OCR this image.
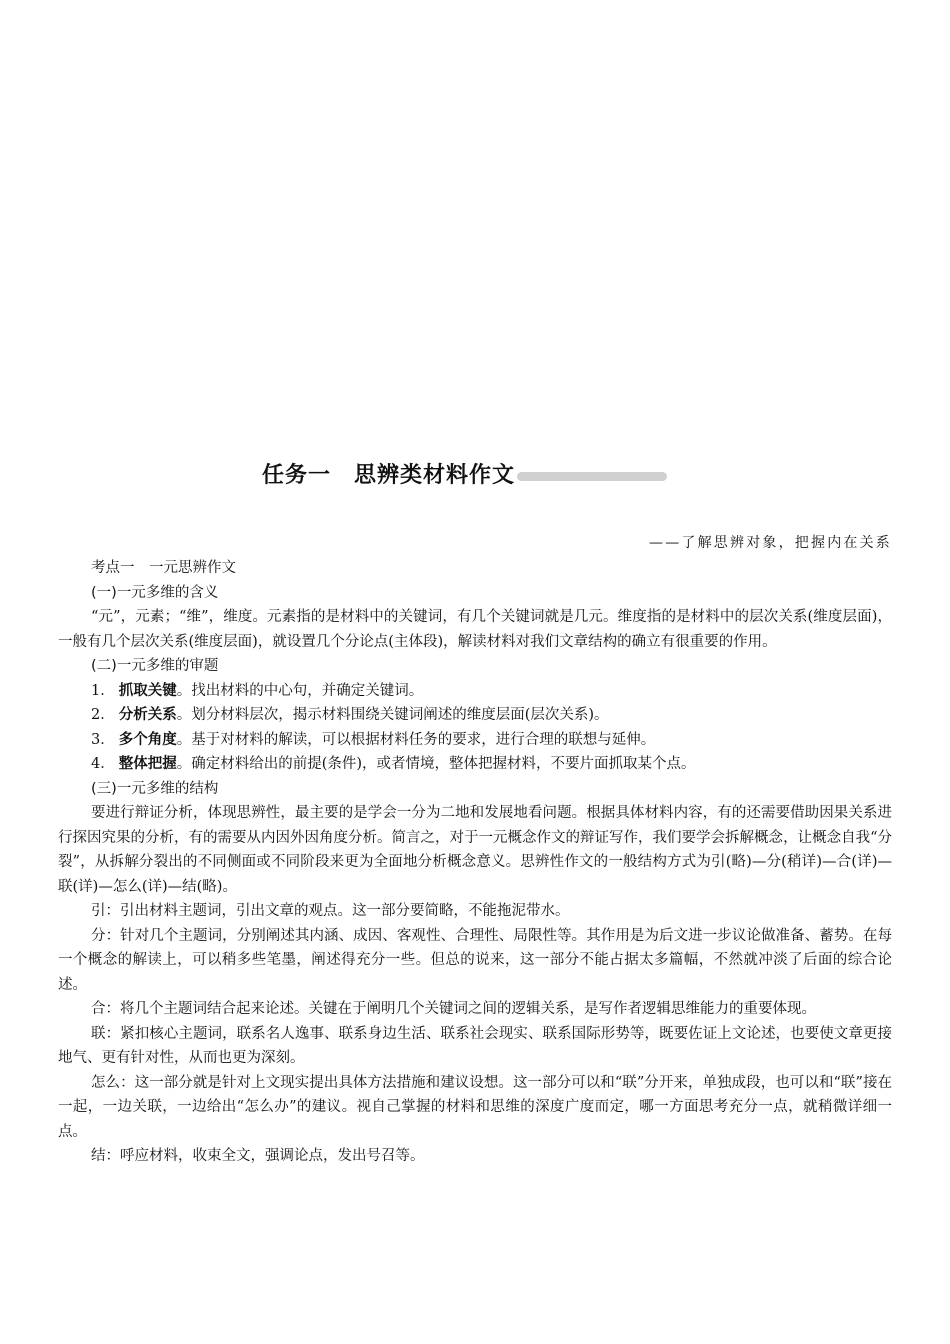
任务一　思辨类材料作文
——了解思辨对象，把握内在关系

考点一　一元思辨作文

(一)一元多维的含义

“元”，元素；“维”，维度。元素指的是材料中的关键词，有几个关键词就是几元。维度指的是材料中的层次关系(维度层面)，一般有几个层次关系(维度层面)，就设置几个分论点(主体段)，解读材料对我们文章结构的确立有很重要的作用。

(二)一元多维的审题

1． 抓取关键。找出材料的中心句，并确定关键词。

2． 分析关系。划分材料层次，揭示材料围绕关键词阐述的维度层面(层次关系)。

3． 多个角度。基于对材料的解读，可以根据材料任务的要求，进行合理的联想与延伸。

4． 整体把握。确定材料给出的前提(条件)，或者情境，整体把握材料，不要片面抓取某个点。

(三)一元多维的结构

要进行辩证分析，体现思辨性，最主要的是学会一分为二地和发展地看问题。根据具体材料内容，有的还需要借助因果关系进行探因究果的分析，有的需要从内因外因角度分析。简言之，对于一元概念作文的辩证写作，我们要学会拆解概念，让概念自我“分裂”，从拆解分裂出的不同侧面或不同阶段来更为全面地分析概念意义。思辨性作文的一般结构方式为引(略)—分(稍详)—合(详)—联(详)—怎么(详)—结(略)。

引：引出材料主题词，引出文章的观点。这一部分要简略，不能拖泥带水。

分：针对几个主题词，分别阐述其内涵、成因、客观性、合理性、局限性等。其作用是为后文进一步议论做准备、蓄势。在每一个概念的解读上，可以稍多些笔墨，阐述得充分一些。但总的说来，这一部分不能占据太多篇幅，不然就冲淡了后面的综合论述。

合：将几个主题词结合起来论述。关键在于阐明几个关键词之间的逻辑关系，是写作者逻辑思维能力的重要体现。

联：紧扣核心主题词，联系名人逸事、联系身边生活、联系社会现实、联系国际形势等，既要佐证上文论述，也要使文章更接地气、更有针对性，从而也更为深刻。

怎么：这一部分就是针对上文现实提出具体方法措施和建议设想。这一部分可以和“联”分开来，单独成段，也可以和“联”接在一起，一边关联，一边给出“怎么办”的建议。视自己掌握的材料和思维的深度广度而定，哪一方面思考充分一点，就稍微详细一点。

结：呼应材料，收束全文，强调论点，发出号召等。
